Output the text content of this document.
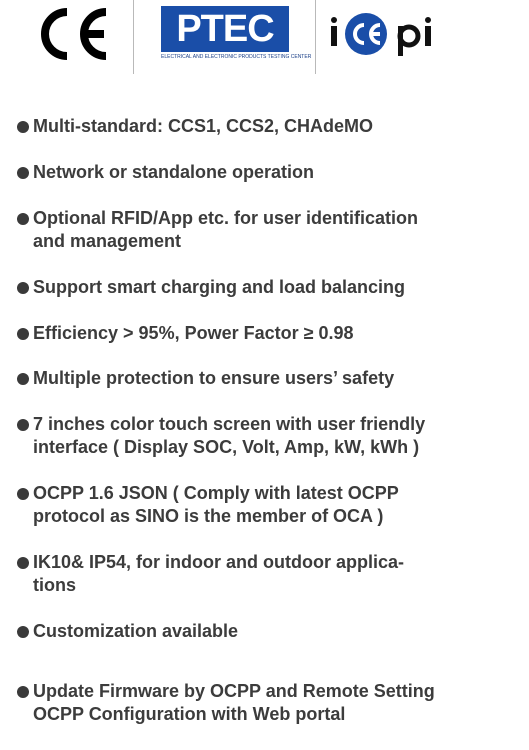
PTEC
ELECTRICAL AND ELECTRONIC PRODUCTS TESTING CENTER
Multi-standard: CCS1, CCS2, CHAdeMO
Network or standalone operation
Optional RFID/App etc. for user identification
and management
Support smart charging and load balancing
Efficiency > 95%, Power Factor ≥ 0.98
Multiple protection to ensure users’ safety
7 inches color touch screen with user friendly
interface ( Display SOC, Volt, Amp, kW, kWh )
OCPP 1.6 JSON ( Comply with latest OCPP
protocol as SINO is the member of OCA )
IK10& IP54, for indoor and outdoor applica-
tions
Customization available
Update Firmware by OCPP and Remote Setting
OCPP Configuration with Web portal
